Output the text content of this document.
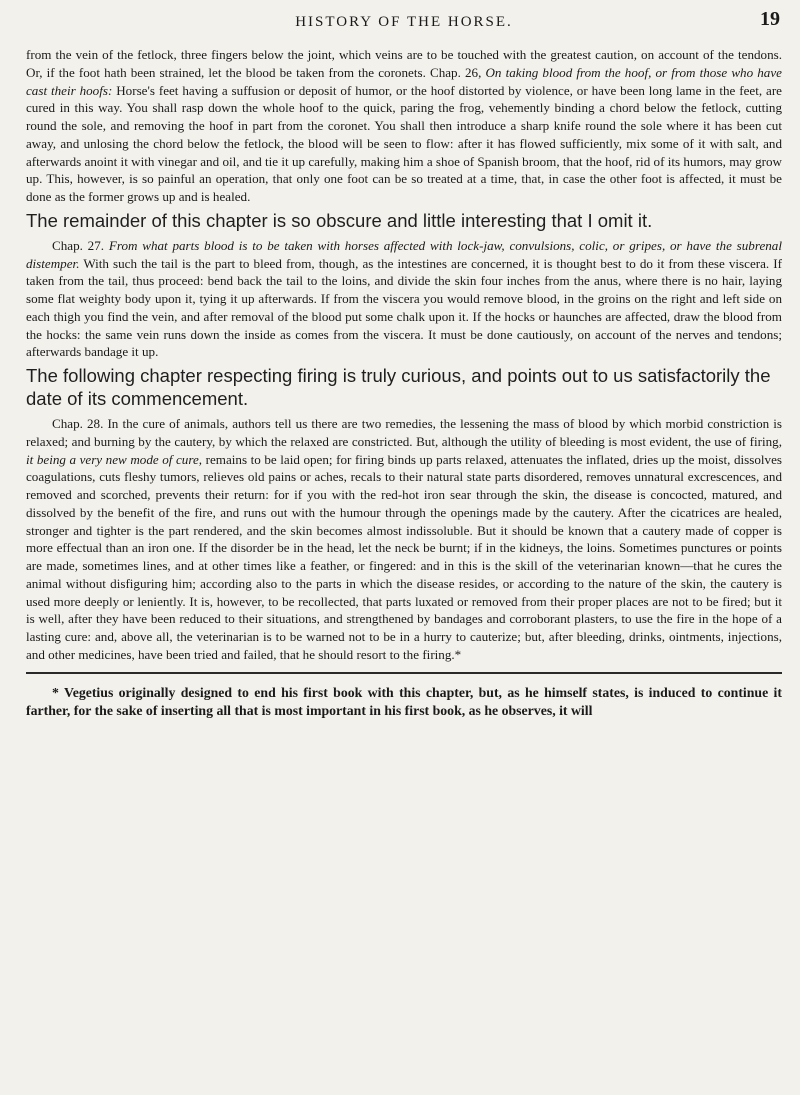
HISTORY OF THE HORSE.	19

from the vein of the fetlock, three fingers below the joint, which veins are to be touched with the greatest caution, on account of the tendons. Or, if the foot hath been strained, let the blood be taken from the coronets. Chap. 26, On taking blood from the hoof, or from those who have cast their hoofs: Horse's feet having a suffusion or deposit of humor, or the hoof distorted by violence, or have been long lame in the feet, are cured in this way. You shall rasp down the whole hoof to the quick, paring the frog, vehemently binding a chord below the fetlock, cutting round the sole, and removing the hoof in part from the coronet. You shall then introduce a sharp knife round the sole where it has been cut away, and unlosing the chord below the fetlock, the blood will be seen to flow: after it has flowed sufficiently, mix some of it with salt, and afterwards anoint it with vinegar and oil, and tie it up carefully, making him a shoe of Spanish broom, that the hoof, rid of its humors, may grow up. This, however, is so painful an operation, that only one foot can be so treated at a time, that, in case the other foot is affected, it must be done as the former grows up and is healed.

The remainder of this chapter is so obscure and little interesting that I omit it.

Chap. 27. From what parts blood is to be taken with horses affected with lock-jaw, convulsions, colic, or gripes, or have the subrenal distemper. With such the tail is the part to bleed from, though, as the intestines are concerned, it is thought best to do it from these viscera. If taken from the tail, thus proceed: bend back the tail to the loins, and divide the skin four inches from the anus, where there is no hair, laying some flat weighty body upon it, tying it up afterwards. If from the viscera you would remove blood, in the groins on the right and left side on each thigh you find the vein, and after removal of the blood put some chalk upon it. If the hocks or haunches are affected, draw the blood from the hocks: the same vein runs down the inside as comes from the viscera. It must be done cautiously, on account of the nerves and tendons; afterwards bandage it up.

The following chapter respecting firing is truly curious, and points out to us satisfactorily the date of its commencement.

Chap. 28. In the cure of animals, authors tell us there are two remedies, the lessening the mass of blood by which morbid constriction is relaxed; and burning by the cautery, by which the relaxed are constricted. But, although the utility of bleeding is most evident, the use of firing, it being a very new mode of cure, remains to be laid open; for firing binds up parts relaxed, attenuates the inflated, dries up the moist, dissolves coagulations, cuts fleshy tumors, relieves old pains or aches, recals to their natural state parts disordered, removes unnatural excrescences, and removed and scorched, prevents their return: for if you with the red-hot iron sear through the skin, the disease is concocted, matured, and dissolved by the benefit of the fire, and runs out with the humour through the openings made by the cautery. After the cicatrices are healed, stronger and tighter is the part rendered, and the skin becomes almost indissoluble. But it should be known that a cautery made of copper is more effectual than an iron one. If the disorder be in the head, let the neck be burnt; if in the kidneys, the loins. Sometimes punctures or points are made, sometimes lines, and at other times like a feather, or fingered: and in this is the skill of the veterinarian known—that he cures the animal without disfiguring him; according also to the parts in which the disease resides, or according to the nature of the skin, the cautery is used more deeply or leniently. It is, however, to be recollected, that parts luxated or removed from their proper places are not to be fired; but it is well, after they have been reduced to their situations, and strengthened by bandages and corroborant plasters, to use the fire in the hope of a lasting cure: and, above all, the veterinarian is to be warned not to be in a hurry to cauterize; but, after bleeding, drinks, ointments, injections, and other medicines, have been tried and failed, that he should resort to the firing.*

* Vegetius originally designed to end his first book with this chapter, but, as he himself states, is induced to continue it farther, for the sake of inserting all that is most important in his first book, as he observes, it will
